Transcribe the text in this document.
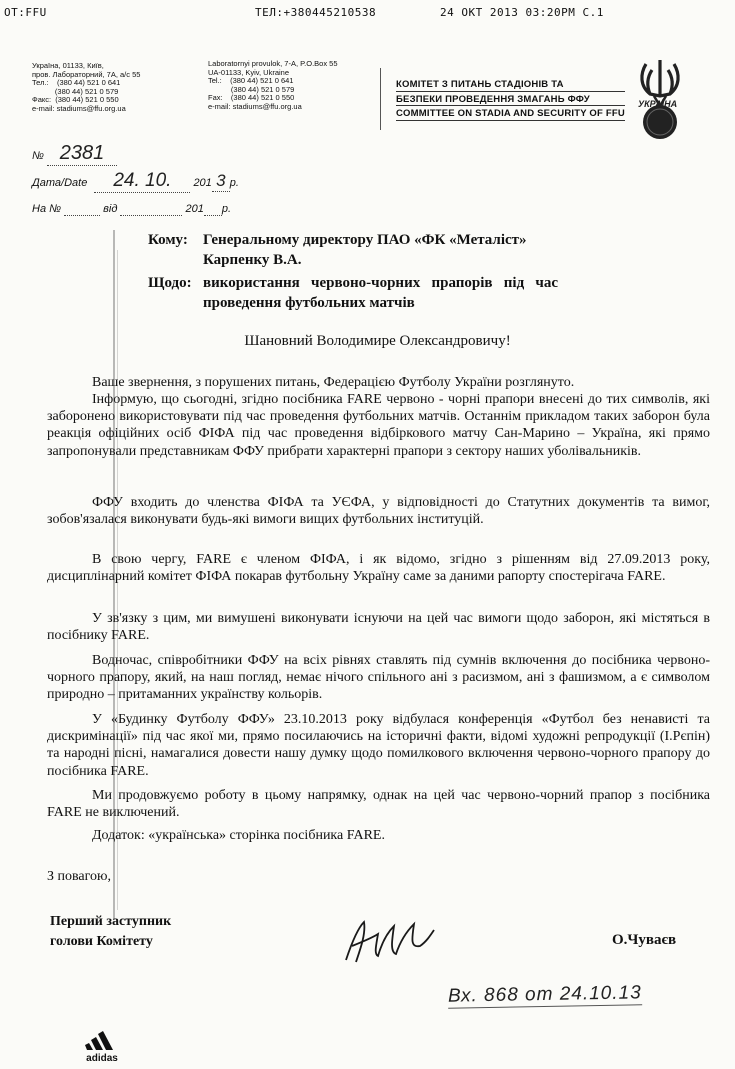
OT:FFU	ТЕЛ:+380445210538	24 OKT 2013 03:20PM C.1
Україна, 01133, Київ,
пров. Лабораторний, 7А, а/с 55
Тел.:    (380 44) 521 0 641
(380 44) 521 0 579
Факс:  (380 44) 521 0 550
e-mail: stadiums@ffu.org.ua
Laboratornyi provulok, 7-A, P.O.Box 55
UA-01133, Kyiv, Ukraine
Tel.:    (380 44) 521 0 641
(380 44) 521 0 579
Fax:    (380 44) 521 0 550
e-mail: stadiums@ffu.org.ua
КОМІТЕТ З ПИТАНЬ СТАДІОНІВ ТА
БЕЗПЕКИ ПРОВЕДЕННЯ ЗМАГАНЬ ФФУ
COMMITTEE ON STADIA AND SECURITY OF FFU
УКРАЇНА
№ 2381
Дата/Date 24. 10. 201 3 р.
На №	від	201 р.
Кому: Генеральному директору ПАО «ФК «Металіст»
Карпенку В.А.
Щодо: використання   червоно-чорних   прапорів   під   час
проведення футбольних матчів
Шановний Володимире Олександровичу!
Ваше звернення, з порушених питань, Федерацією Футболу України розглянуто.
Інформую, що сьогодні, згідно посібника FARE червоно - чорні прапори внесені до тих символів, які заборонено використовувати під час проведення футбольних матчів. Останнім прикладом таких заборон була реакція офіційних осіб ФІФА під час проведення відбіркового матчу Сан-Марино – Україна, які прямо запропонували представникам ФФУ прибрати характерні прапори з сектору наших уболівальників.
ФФУ входить до членства ФІФА та УЄФА, у відповідності до Статутних документів та вимог, зобов'язалася виконувати будь-які вимоги вищих футбольних інституцій.
В свою чергу, FARE є членом ФІФА, і як відомо, згідно з рішенням від 27.09.2013 року, дисциплінарний комітет ФІФА покарав футбольну Україну саме за даними рапорту спостерігача FARE.
У зв'язку з цим, ми вимушені виконувати існуючи на цей час вимоги щодо заборон, які містяться в посібнику FARE.
Водночас, співробітники ФФУ на всіх рівнях ставлять під сумнів включення до посібника червоно-чорного прапору, який, на наш погляд, немає нічого спільного ані з расизмом, ані з фашизмом, а є символом природно – притаманних українству кольорів.
У «Будинку Футболу ФФУ» 23.10.2013 року відбулася конференція «Футбол без ненависті та дискримінації» під час якої ми, прямо посилаючись на історичні факти, відомі художні репродукції (І.Рєпін) та народні пісні, намагалися довести нашу думку щодо помилкового включення червоно-чорного прапору до посібника FARE.
Ми продовжуємо роботу в цьому напрямку, однак на цей час червоно-чорний прапор з посібника FARE не виключений.
Додаток: «українська» сторінка посібника FARE.
З повагою,
Перший заступник
голови Комітету	О.Чуваєв
Вх. 868 от 24.10.13
adidas
